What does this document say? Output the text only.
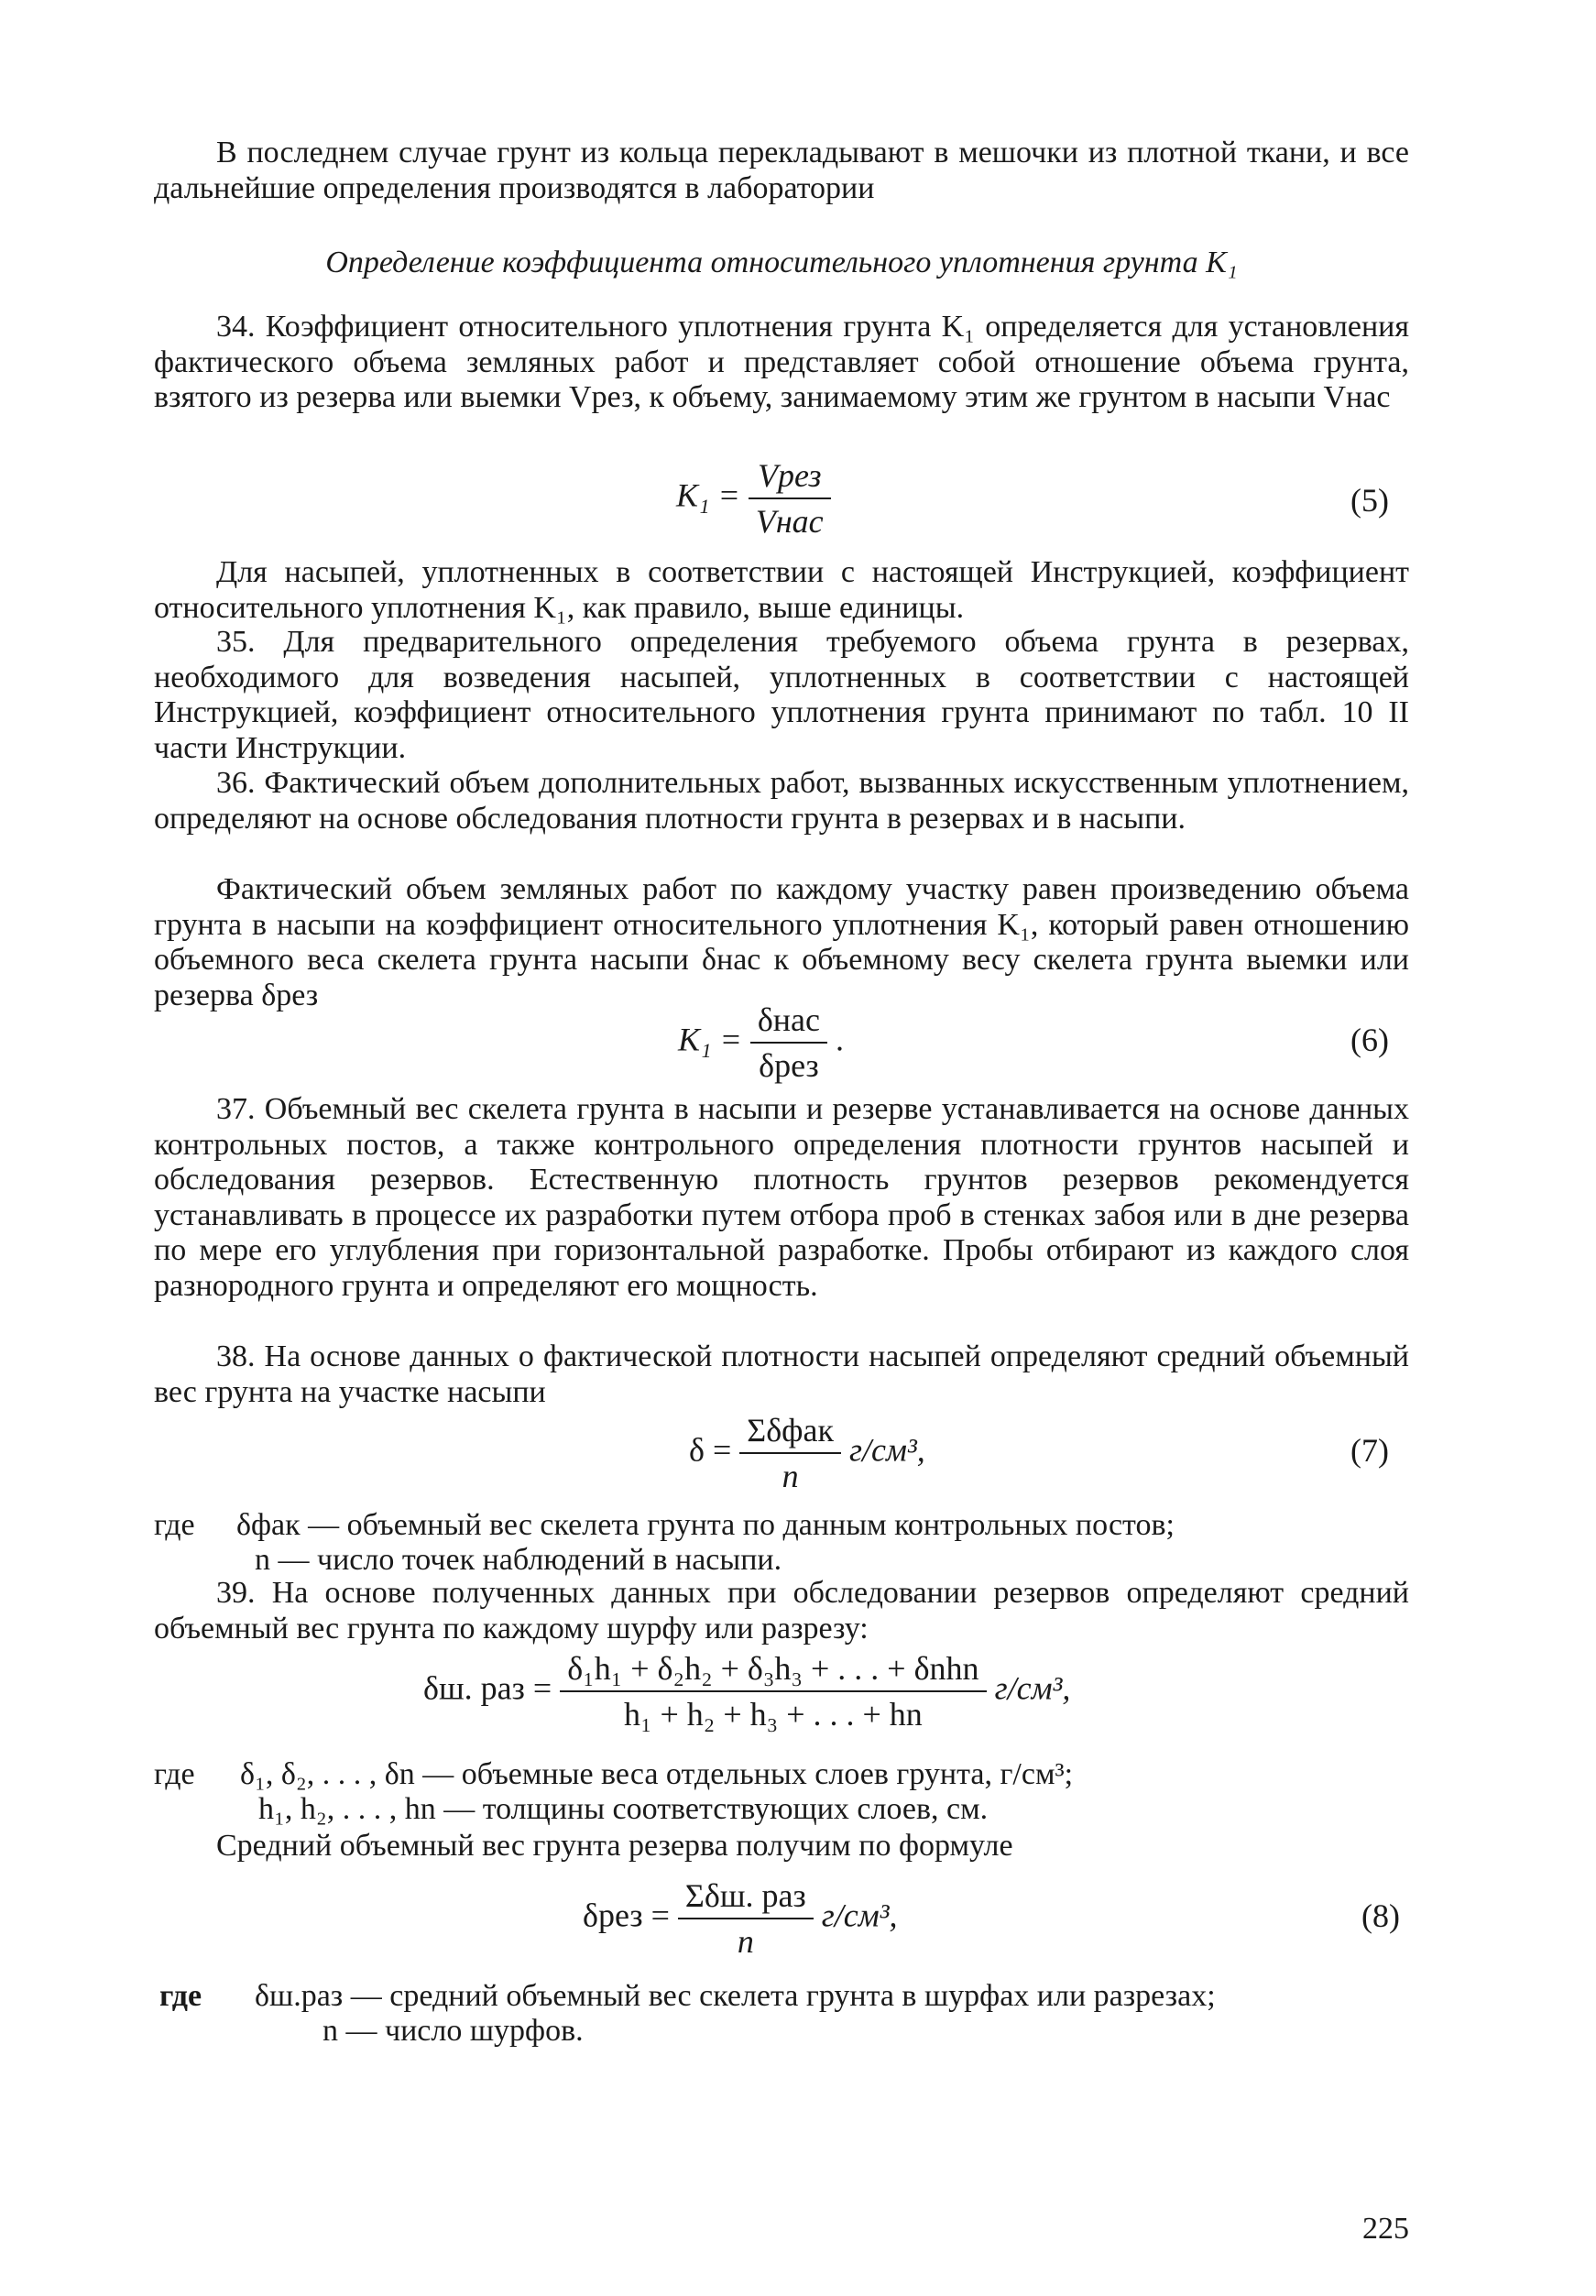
В последнем случае грунт из кольца перекладывают в мешочки из плотной ткани, и все дальнейшие определения производятся в лаборатории
Определение коэффициента относительного уплотнения грунта K₁
34. Коэффициент относительного уплотнения грунта K₁ определяется для установления фактического объема земляных работ и представляет собой отношение объема грунта, взятого из резерва или выемки Vрез, к объему, занимаемому этим же грунтом в насыпи Vнас
$K_1 = \frac{\text{Vрез}}{\text{Vнас}}$	(5)
Для насыпей, уплотненных в соответствии с настоящей Инструкцией, коэффициент относительного уплотнения K₁, как правило, выше единицы.
35. Для предварительного определения требуемого объема грунта в резервах, необходимого для возведения насыпей, уплотненных в соответствии с настоящей Инструкцией, коэффициент относительного уплотнения грунта принимают по табл. 10 II части Инструкции.
36. Фактический объем дополнительных работ, вызванных искусственным уплотнением, определяют на основе обследования плотности грунта в резервах и в насыпи.
Фактический объем земляных работ по каждому участку равен произведению объема грунта в насыпи на коэффициент относительного уплотнения K₁, который равен отношению объемного веса скелета грунта насыпи δнас к объемному весу скелета грунта выемки или резерва δрез
$K_1 = \frac{\text{δнас}}{\text{δрез}}$ .	(6)
37. Объемный вес скелета грунта в насыпи и резерве устанавливается на основе данных контрольных постов, а также контрольного определения плотности грунтов насыпей и обследования резервов. Естественную плотность грунтов резервов рекомендуется устанавливать в процессе их разработки путем отбора проб в стенках забоя или в дне резерва по мере его углубления при горизонтальной разработке. Пробы отбирают из каждого слоя разнородного грунта и определяют его мощность.
38. На основе данных о фактической плотности насыпей определяют средний объемный вес грунта на участке насыпи
$\delta = \frac{\text{Σδфак}}{n} г/см^3$,	(7)
где δфак — объемный вес скелета грунта по данным контрольных постов;
n — число точек наблюдений в насыпи.
39. На основе полученных данных при обследовании резервов определяют средний объемный вес грунта по каждому шурфу или разрезу:
δш. раз = $\frac{\text{δ₁h₁ + δ₂h₂ + δ₃h₃ + . . . + δnhn}}{\text{h₁ + h₂ + h₃ + . . . + hn}} г/см^3$,
где δ₁, δ₂, . . . , δn — объемные веса отдельных слоев грунта, г/см³;
h₁, h₂, . . . , hn — толщины соответствующих слоев, см.
Средний объемный вес грунта резерва получим по формуле
$\delta рез = \frac{\text{Σδш. раз}}{n} г/см^3$,	(8)
где δш.раз — средний объемный вес скелета грунта в шурфах или разрезах;
n — число шурфов.
225
